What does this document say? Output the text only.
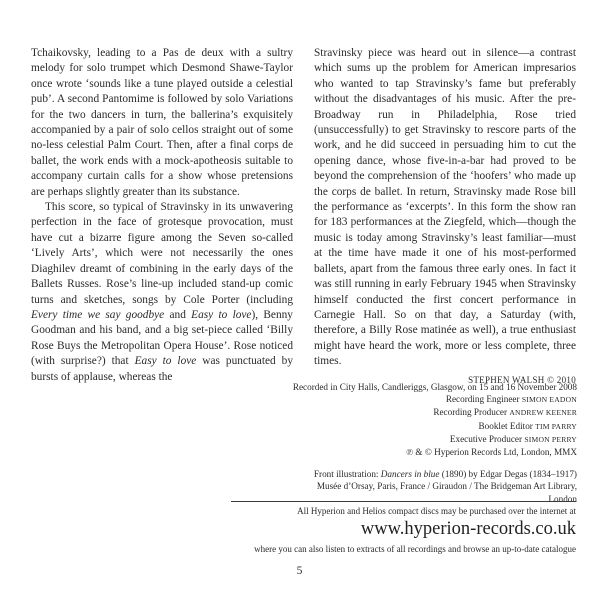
Tchaikovsky, leading to a Pas de deux with a sultry melody for solo trumpet which Desmond Shawe-Taylor once wrote ‘sounds like a tune played outside a celestial pub’. A second Pantomime is followed by solo Variations for the two dancers in turn, the ballerina’s exquisitely accompanied by a pair of solo cellos straight out of some no-less celestial Palm Court. Then, after a final corps de ballet, the work ends with a mock-apotheosis suitable to accompany curtain calls for a show whose pretensions are perhaps slightly greater than its substance.

This score, so typical of Stravinsky in its unwavering perfection in the face of grotesque provocation, must have cut a bizarre figure among the Seven so-called ‘Lively Arts’, which were not necessarily the ones Diaghilev dreamt of combining in the early days of the Ballets Russes. Rose’s line-up included stand-up comic turns and sketches, songs by Cole Porter (including Every time we say goodbye and Easy to love), Benny Goodman and his band, and a big set-piece called ‘Billy Rose Buys the Metropolitan Opera House’. Rose noticed (with surprise?) that Easy to love was punctuated by bursts of applause, whereas the

Stravinsky piece was heard out in silence—a contrast which sums up the problem for American impresarios who wanted to tap Stravinsky’s fame but preferably without the disadvantages of his music. After the pre-Broadway run in Philadelphia, Rose tried (unsuccessfully) to get Stravinsky to rescore parts of the work, and he did succeed in persuading him to cut the opening dance, whose five-in-a-bar had proved to be beyond the comprehension of the ‘hoofers’ who made up the corps de ballet. In return, Stravinsky made Rose bill the performance as ‘excerpts’. In this form the show ran for 183 performances at the Ziegfeld, which—though the music is today among Stravinsky’s least familiar—must at the time have made it one of his most-performed ballets, apart from the famous three early ones. In fact it was still running in early February 1945 when Stravinsky himself conducted the first concert performance in Carnegie Hall. So on that day, a Saturday (with, therefore, a Billy Rose matinée as well), a true enthusiast might have heard the work, more or less complete, three times.

STEPHEN WALSH © 2010

Recorded in City Halls, Candleriggs, Glasgow, on 15 and 16 November 2008
Recording Engineer SIMON EADON
Recording Producer ANDREW KEENER
Booklet Editor TIM PARRY
Executive Producer SIMON PERRY
℗ & © Hyperion Records Ltd, London, MMX
Front illustration: Dancers in blue (1890) by Edgar Degas (1834–1917)
Musée d’Orsay, Paris, France / Giraudon / The Bridgeman Art Library, London
All Hyperion and Helios compact discs may be purchased over the internet at
www.hyperion-records.co.uk
where you can also listen to extracts of all recordings and browse an up-to-date catalogue
5
